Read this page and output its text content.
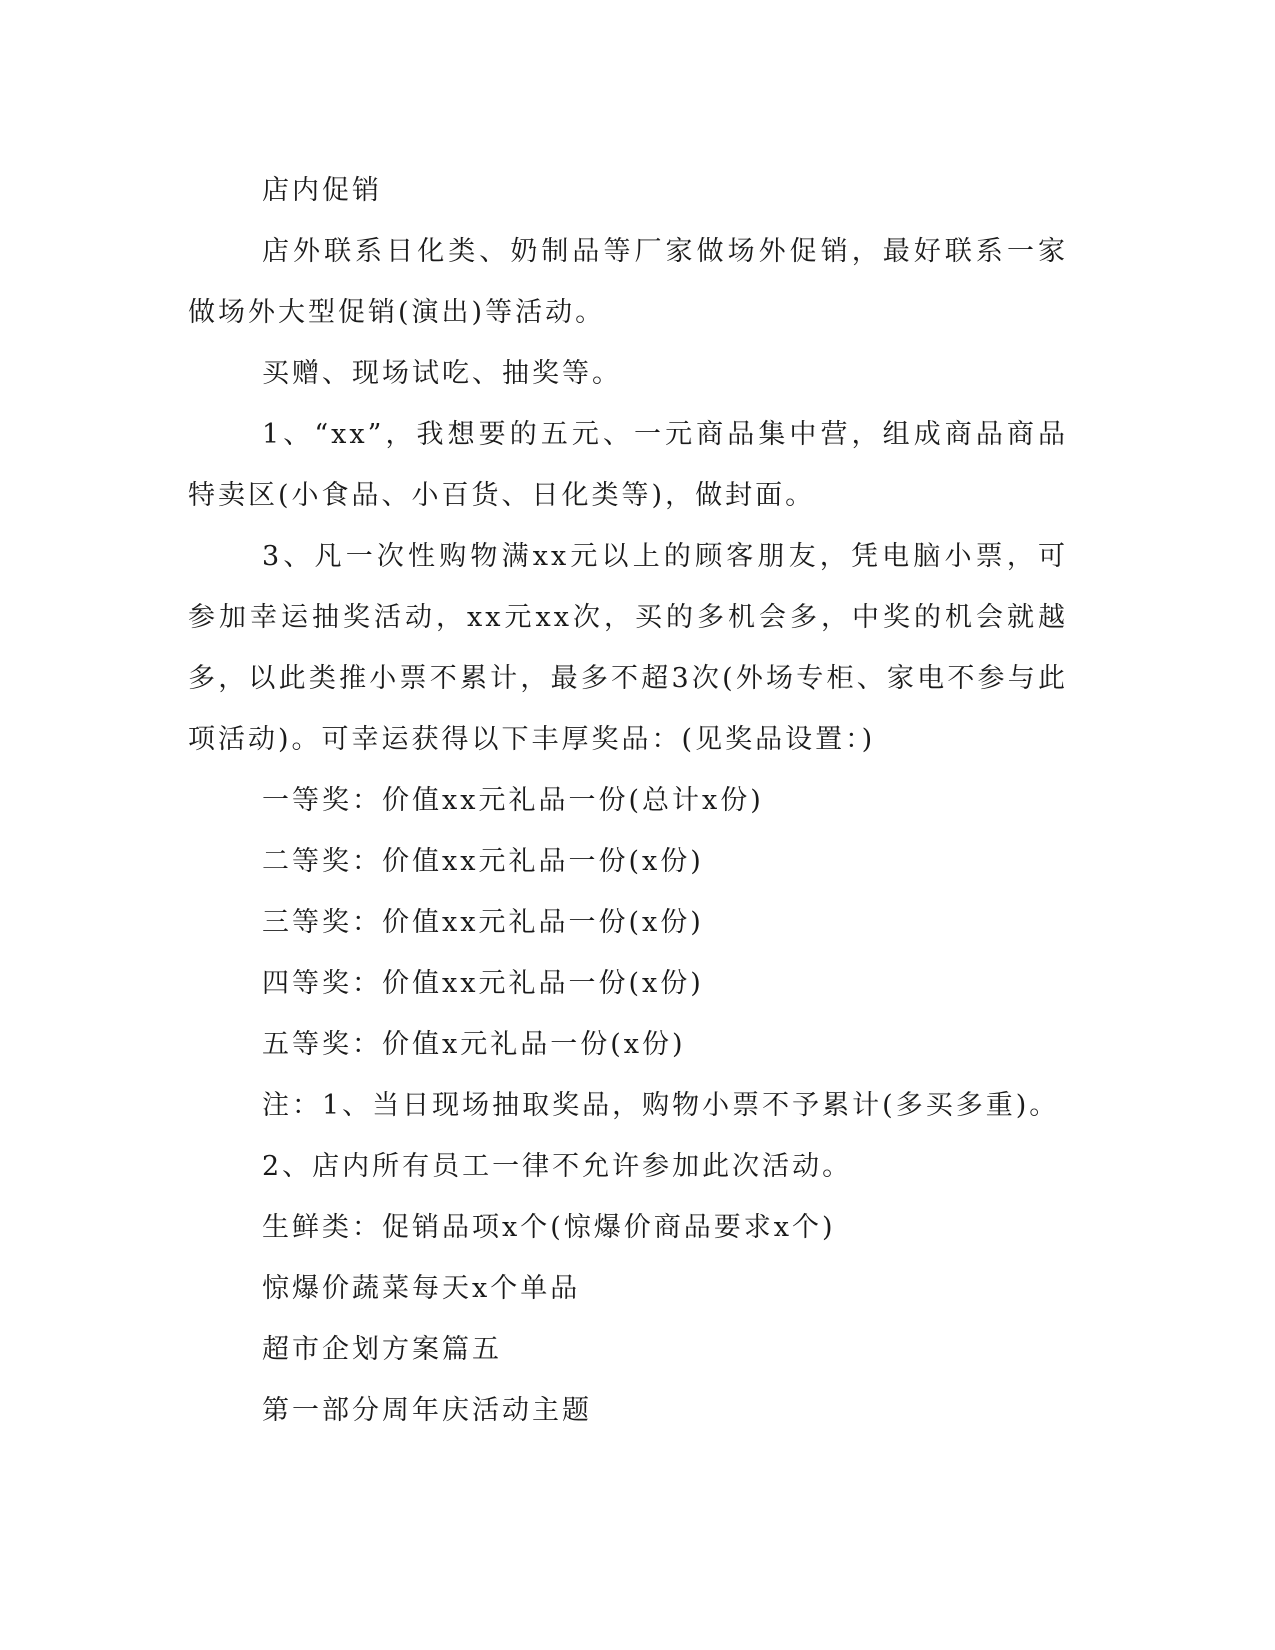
店内促销

店外联系日化类、奶制品等厂家做场外促销，最好联系一家做场外大型促销(演出)等活动。

买赠、现场试吃、抽奖等。

1、“xx”，我想要的五元、一元商品集中营，组成商品商品特卖区(小食品、小百货、日化类等)，做封面。

3、凡一次性购物满xx元以上的顾客朋友，凭电脑小票，可参加幸运抽奖活动，xx元xx次，买的多机会多，中奖的机会就越多，以此类推小票不累计，最多不超3次(外场专柜、家电不参与此项活动)。可幸运获得以下丰厚奖品：(见奖品设置：)

一等奖：价值xx元礼品一份(总计x份)

二等奖：价值xx元礼品一份(x份)

三等奖：价值xx元礼品一份(x份)

四等奖：价值xx元礼品一份(x份)

五等奖：价值x元礼品一份(x份)

注：1、当日现场抽取奖品，购物小票不予累计(多买多重)。

2、店内所有员工一律不允许参加此次活动。

生鲜类：促销品项x个(惊爆价商品要求x个)

惊爆价蔬菜每天x个单品

超市企划方案篇五

第一部分周年庆活动主题
